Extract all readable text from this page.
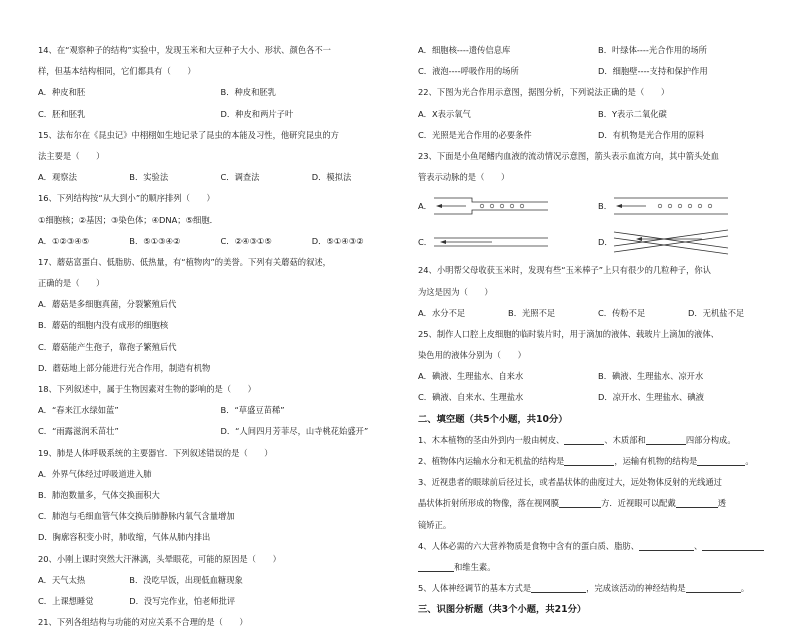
14、在“观察种子的结构”实验中，发现玉米和大豆种子大小、形状、颜色各不一
样，但基本结构相同，它们都具有（　　）
A．种皮和胚	B．种皮和胚乳
C．胚和胚乳	D．种皮和两片子叶
15、法布尔在《昆虫记》中栩栩如生地记录了昆虫的本能及习性，他研究昆虫的方
法主要是（　　）
A．观察法	B．实验法	C．调查法	D．模拟法
16、下列结构按“从大到小”的顺序排列（　　）
①细胞核；②基因；③染色体；④DNA；⑤细胞．
A．①②③④⑤	B．⑤①③④②	C．②④③①⑤	D．⑤①④③②
17、蘑菇富蛋白、低脂肪、低热量，有“植物肉”的美誉。下列有关蘑菇的叙述，
正确的是（　　）
A．蘑菇是多细胞真菌，分裂繁殖后代
B．蘑菇的细胞内没有成形的细胞核
C．蘑菇能产生孢子，靠孢子繁殖后代
D．蘑菇地上部分能进行光合作用，制造有机物
18、下列叙述中，属于生物因素对生物的影响的是（　　）
A．“春来江水绿如蓝”	B．“草盛豆苗稀”
C．“雨露滋润禾苗壮”	D．“人间四月芳菲尽，山寺桃花始盛开”
19、肺是人体呼吸系统的主要器官．下列叙述错误的是（　　）
A．外界气体经过呼吸道进入肺
B．肺泡数量多，气体交换面积大
C．肺泡与毛细血管气体交换后肺静脉内氧气含量增加
D．胸廓容积变小时，肺收缩，气体从肺内排出
20、小刚上课时突然大汗淋漓，头晕眼花，可能的原因是（　　）
A．天气太热	B．没吃早饭，出现低血糖现象
C．上课想睡觉	D．没写完作业，怕老师批评
21、下列各组结构与功能的对应关系不合理的是（　　）
A．细胞核----遗传信息库	B．叶绿体----光合作用的场所
C．液泡----呼吸作用的场所	D．细胞壁----支持和保护作用
22、下图为光合作用示意图，据图分析，下列说法正确的是（　　）
A．X表示氧气	B．Y表示二氧化碳
C．光照是光合作用的必要条件	D．有机物是光合作用的原料
23、下面是小鱼尾鳍内血液的流动情况示意图，箭头表示血流方向，其中箭头处血
管表示动脉的是（　　）
A．	B．
C．	D．
24、小明帮父母收获玉米时，发现有些“玉米棒子”上只有很少的几粒种子，你认
为这是因为（　　）
A．水分不足	B．光照不足	C．传粉不足	D．无机盐不足
25、制作人口腔上皮细胞的临时装片时，用于滴加的液体、载玻片上滴加的液体、
染色用的液体分别为（　　）
A．碘液、生理盐水、自来水	B．碘液、生理盐水、凉开水
C．碘液、自来水、生理盐水	D．凉开水、生理盐水、碘液
二、填空题（共5个小题，共10分）
1、木本植物的茎由外到内一般由树皮、	、木质部和	四部分构成。
2、植物体内运输水分和无机盐的结构是	，运输有机物的结构是	。
3、近视患者的眼球前后径过长，或者晶状体的曲度过大，远处物体反射的光线通过
晶状体折射所形成的物像，落在视网膜	方．近视眼可以配戴	透
镜矫正。
4、人体必需的六大营养物质是食物中含有的蛋白质、脂肪、	、
和维生素。
5、人体神经调节的基本方式是	，完成该活动的神经结构是	。
三、识图分析题（共3个小题，共21分）
